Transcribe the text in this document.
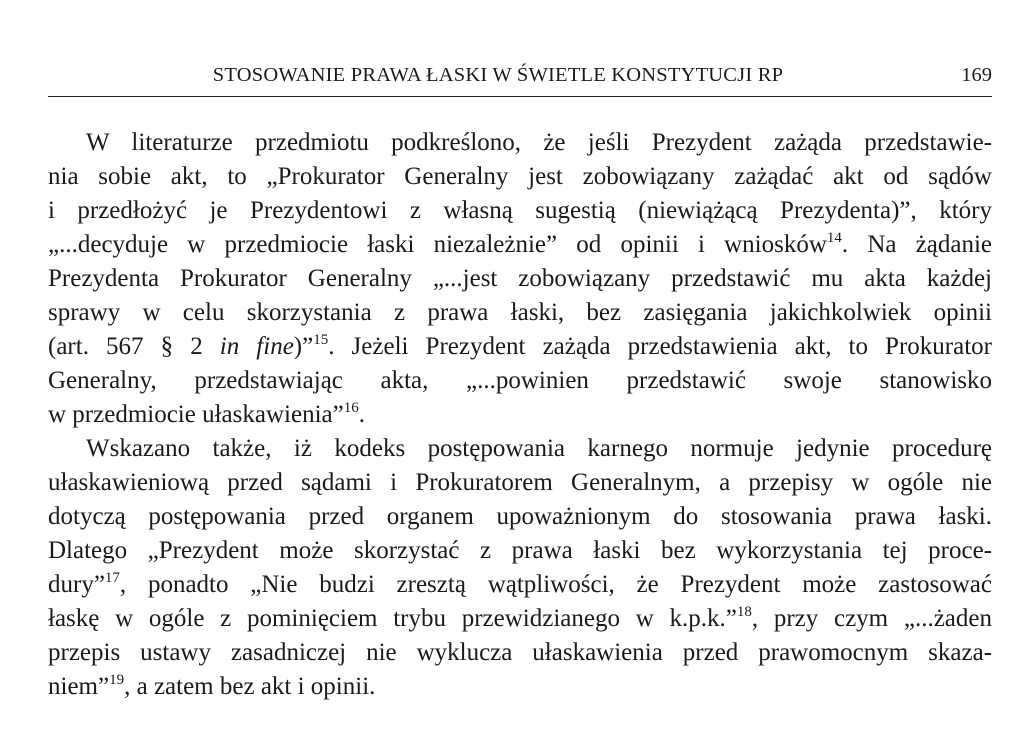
STOSOWANIE PRAWA ŁASKI W ŚWIETLE KONSTYTUCJI RP	169
W literaturze przedmiotu podkreślono, że jeśli Prezydent zażąda przedstawie-
nia sobie akt, to „Prokurator Generalny jest zobowiązany zażądać akt od sądów
i przedłożyć je Prezydentowi z własną sugestią (niewiążącą Prezydenta)”, który
„...decyduje w przedmiocie łaski niezależnie” od opinii i wniosków$^{14}$. Na żądanie
Prezydenta Prokurator Generalny „...jest zobowiązany przedstawić mu akta każdej
sprawy w celu skorzystania z prawa łaski, bez zasięgania jakichkolwiek opinii
(art. 567 § 2 in fine)”$^{15}$. Jeżeli Prezydent zażąda przedstawienia akt, to Prokurator
Generalny, przedstawiając akta, „...powinien przedstawić swoje stanowisko
w przedmiocie ułaskawienia”$^{16}$.
Wskazano także, iż kodeks postępowania karnego normuje jedynie procedurę
ułaskawieniową przed sądami i Prokuratorem Generalnym, a przepisy w ogóle nie
dotyczą postępowania przed organem upoważnionym do stosowania prawa łaski.
Dlatego „Prezydent może skorzystać z prawa łaski bez wykorzystania tej proce-
dury”$^{17}$, ponadto „Nie budzi zresztą wątpliwości, że Prezydent może zastosować
łaskę w ogóle z pominięciem trybu przewidzianego w k.p.k.”$^{18}$, przy czym „...żaden
przepis ustawy zasadniczej nie wyklucza ułaskawienia przed prawomocnym skaza-
niem”$^{19}$, a zatem bez akt i opinii.
